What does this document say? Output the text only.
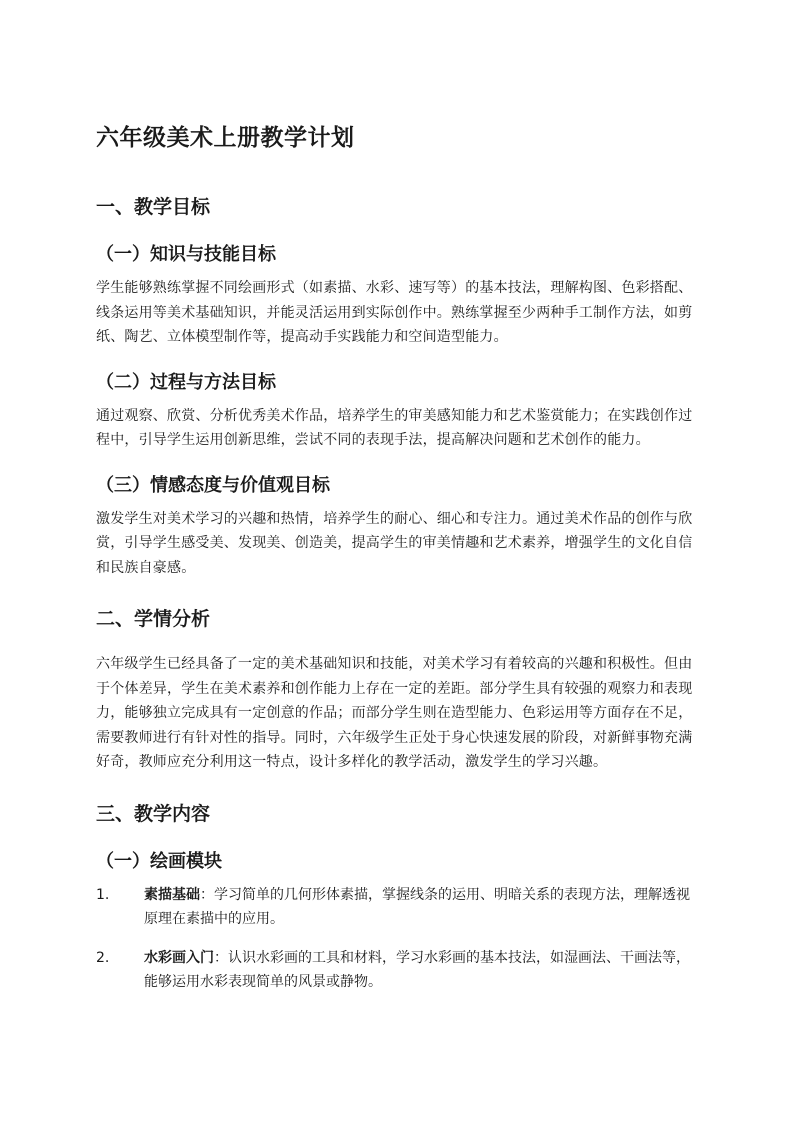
六年级美术上册教学计划
一、教学目标
（一）知识与技能目标

学生能够熟练掌握不同绘画形式（如素描、水彩、速写等）的基本技法，理解构图、色彩搭配、线条运用等美术基础知识，并能灵活运用到实际创作中。熟练掌握至少两种手工制作方法，如剪纸、陶艺、立体模型制作等，提高动手实践能力和空间造型能力。

（二）过程与方法目标

通过观察、欣赏、分析优秀美术作品，培养学生的审美感知能力和艺术鉴赏能力；在实践创作过程中，引导学生运用创新思维，尝试不同的表现手法，提高解决问题和艺术创作的能力。

（三）情感态度与价值观目标

激发学生对美术学习的兴趣和热情，培养学生的耐心、细心和专注力。通过美术作品的创作与欣赏，引导学生感受美、发现美、创造美，提高学生的审美情趣和艺术素养，增强学生的文化自信和民族自豪感。

二、学情分析

六年级学生已经具备了一定的美术基础知识和技能，对美术学习有着较高的兴趣和积极性。但由于个体差异，学生在美术素养和创作能力上存在一定的差距。部分学生具有较强的观察力和表现力，能够独立完成具有一定创意的作品；而部分学生则在造型能力、色彩运用等方面存在不足，需要教师进行有针对性的指导。同时，六年级学生正处于身心快速发展的阶段，对新鲜事物充满好奇，教师应充分利用这一特点，设计多样化的教学活动，激发学生的学习兴趣。

三、教学内容
（一）绘画模块
1.	素描基础：学习简单的几何形体素描，掌握线条的运用、明暗关系的表现方法，理解透视原理在素描中的应用。
2.	水彩画入门：认识水彩画的工具和材料，学习水彩画的基本技法，如湿画法、干画法等，能够运用水彩表现简单的风景或静物。
